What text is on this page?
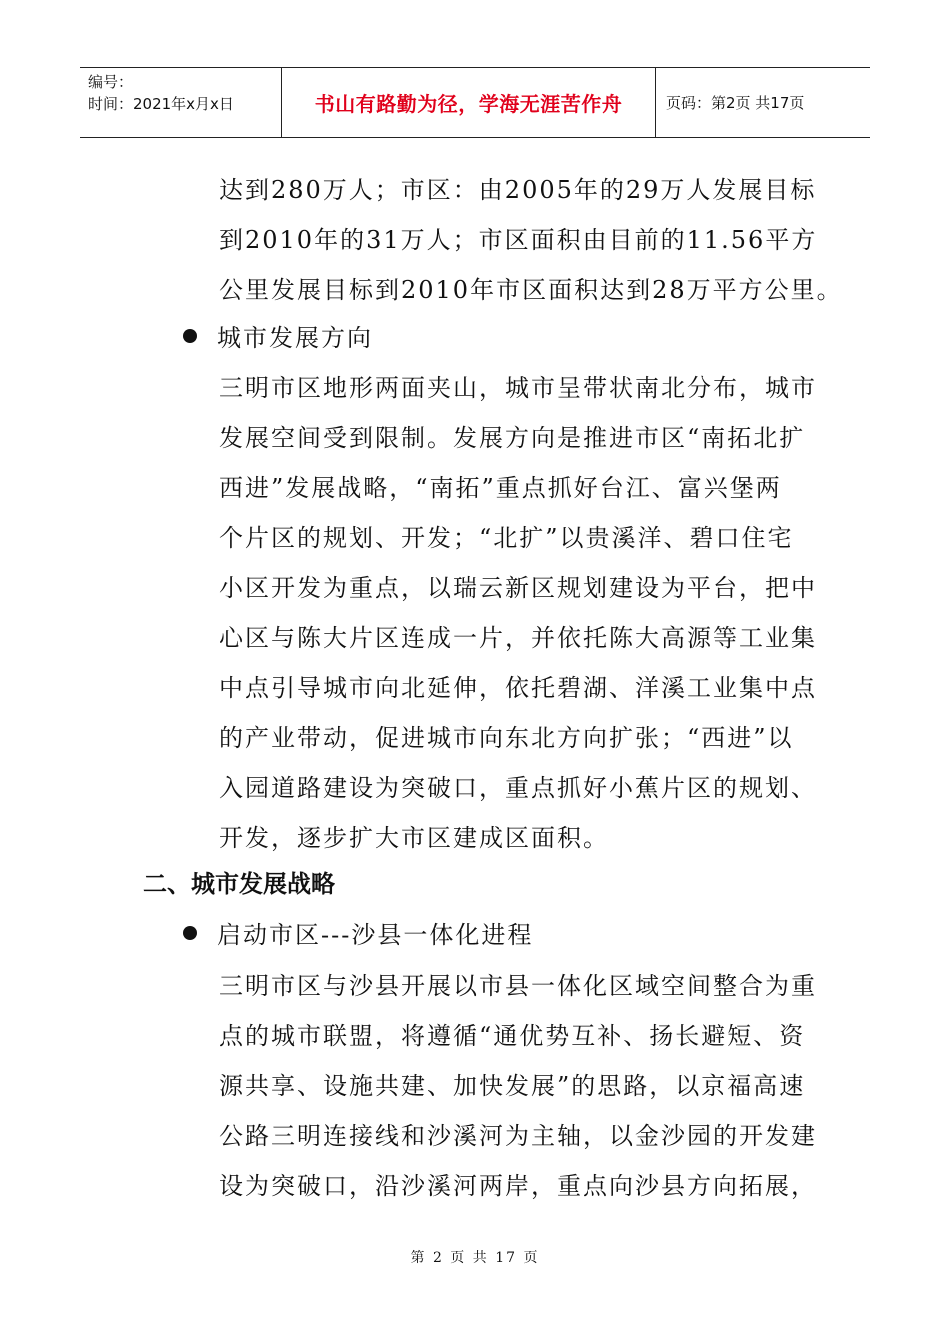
编号：
时间：2021年x月x日	书山有路勤为径，学海无涯苦作舟	页码：第2页 共17页
达到280万人；市区：由2005年的29万人发展目标
到2010年的31万人；市区面积由目前的11.56平方
公里发展目标到2010年市区面积达到28万平方公里。
城市发展方向
三明市区地形两面夹山，城市呈带状南北分布，城市
发展空间受到限制。发展方向是推进市区“南拓北扩
西进”发展战略，“南拓”重点抓好台江、富兴堡两
个片区的规划、开发；“北扩”以贵溪洋、碧口住宅
小区开发为重点，以瑞云新区规划建设为平台，把中
心区与陈大片区连成一片，并依托陈大高源等工业集
中点引导城市向北延伸，依托碧湖、洋溪工业集中点
的产业带动，促进城市向东北方向扩张；“西进”以
入园道路建设为突破口，重点抓好小蕉片区的规划、
开发，逐步扩大市区建成区面积。
二、城市发展战略
启动市区---沙县一体化进程
三明市区与沙县开展以市县一体化区域空间整合为重
点的城市联盟，将遵循“通优势互补、扬长避短、资
源共享、设施共建、加快发展”的思路，以京福高速
公路三明连接线和沙溪河为主轴，以金沙园的开发建
设为突破口，沿沙溪河两岸，重点向沙县方向拓展，
第 2 页 共 17 页
